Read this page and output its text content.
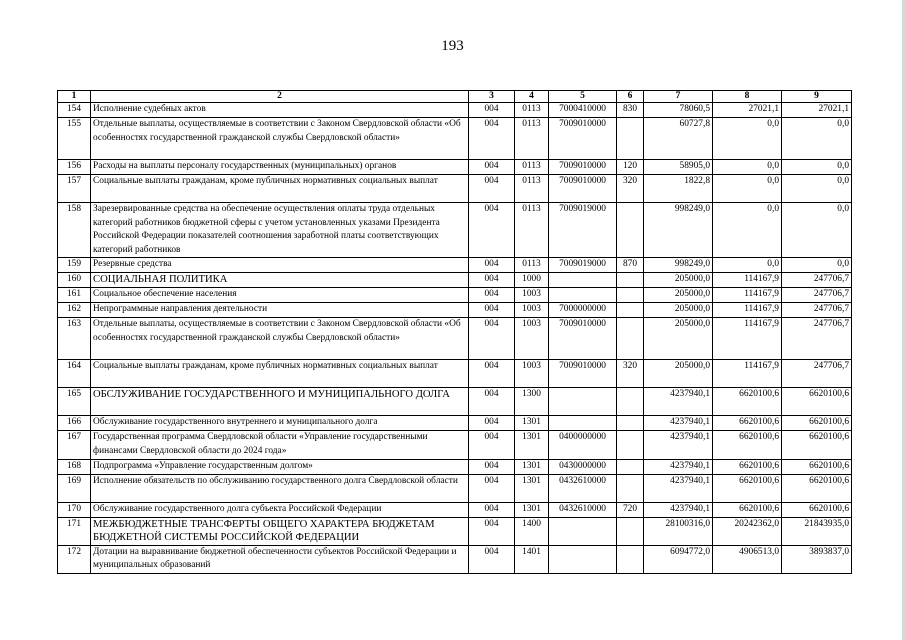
193
1	2	3	4	5	6	7	8	9
154	Исполнение судебных актов	004	0113	7000410000	830	78060,5	27021,1	27021,1
155	Отдельные выплаты, осуществляемые в соответствии с Законом Свердловской области «Об особенностях государственной гражданской службы Свердловской области»	004	0113	7009010000		60727,8	0,0	0,0
156	Расходы на выплаты персоналу государственных (муниципальных) органов	004	0113	7009010000	120	58905,0	0,0	0,0
157	Социальные выплаты гражданам, кроме публичных нормативных социальных выплат	004	0113	7009010000	320	1822,8	0,0	0,0
158	Зарезервированные средства на обеспечение осуществления оплаты труда отдельных категорий работников бюджетной сферы с учетом установленных указами Президента Российской Федерации показателей соотношения заработной платы соответствующих категорий работников	004	0113	7009019000		998249,0	0,0	0,0
159	Резервные средства	004	0113	7009019000	870	998249,0	0,0	0,0
160	СОЦИАЛЬНАЯ ПОЛИТИКА	004	1000			205000,0	114167,9	247706,7
161	Социальное обеспечение населения	004	1003			205000,0	114167,9	247706,7
162	Непрограммные направления деятельности	004	1003	7000000000		205000,0	114167,9	247706,7
163	Отдельные выплаты, осуществляемые в соответствии с Законом Свердловской области «Об особенностях государственной гражданской службы Свердловской области»	004	1003	7009010000		205000,0	114167,9	247706,7
164	Социальные выплаты гражданам, кроме публичных нормативных социальных выплат	004	1003	7009010000	320	205000,0	114167,9	247706,7
165	ОБСЛУЖИВАНИЕ ГОСУДАРСТВЕННОГО И МУНИЦИПАЛЬНОГО ДОЛГА	004	1300			4237940,1	6620100,6	6620100,6
166	Обслуживание государственного внутреннего и муниципального долга	004	1301			4237940,1	6620100,6	6620100,6
167	Государственная программа Свердловской области «Управление государственными финансами Свердловской области до 2024 года»	004	1301	0400000000		4237940,1	6620100,6	6620100,6
168	Подпрограмма «Управление государственным долгом»	004	1301	0430000000		4237940,1	6620100,6	6620100,6
169	Исполнение обязательств по обслуживанию государственного долга Свердловской области	004	1301	0432610000		4237940,1	6620100,6	6620100,6
170	Обслуживание государственного долга субъекта Российской Федерации	004	1301	0432610000	720	4237940,1	6620100,6	6620100,6
171	МЕЖБЮДЖЕТНЫЕ ТРАНСФЕРТЫ ОБЩЕГО ХАРАКТЕРА БЮДЖЕТАМ БЮДЖЕТНОЙ СИСТЕМЫ РОССИЙСКОЙ ФЕДЕРАЦИИ	004	1400			28100316,0	20242362,0	21843935,0
172	Дотации на выравнивание бюджетной обеспеченности субъектов Российской Федерации и муниципальных образований	004	1401			6094772,0	4906513,0	3893837,0
